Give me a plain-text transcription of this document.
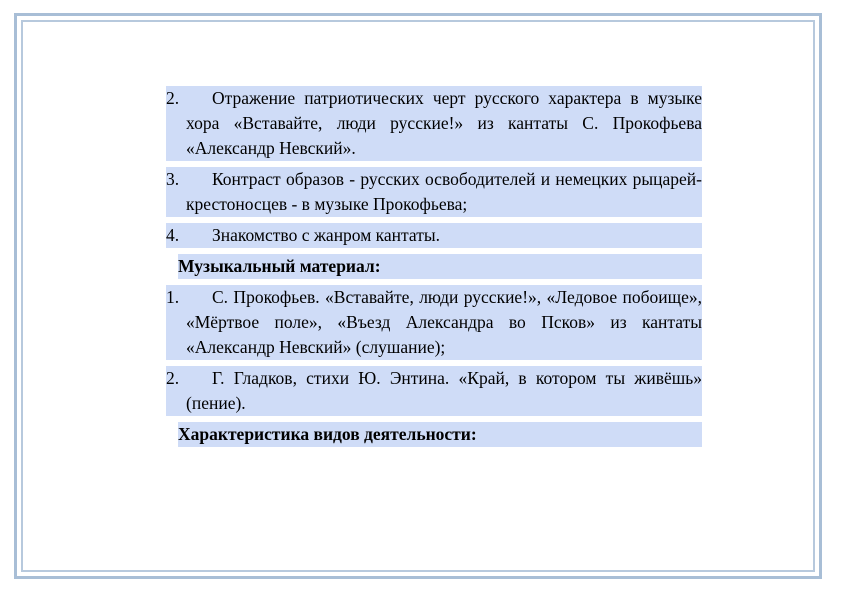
2. Отражение патриотических черт русского характера в музыке хора «Вставайте, люди русские!» из кантаты С. Прокофьева «Александр Невский».
3. Контраст образов - русских освободителей и немецких рыцарей-крестоносцев - в музыке Прокофьева;
4. Знакомство с жанром кантаты.
Музыкальный материал:
1. С. Прокофьев. «Вставайте, люди русские!», «Ледовое побоище», «Мёртвое поле», «Въезд Александра во Псков» из кантаты «Александр Невский» (слушание);
2. Г. Гладков, стихи Ю. Энтина. «Край, в котором ты живёшь» (пение).
Характеристика видов деятельности:
